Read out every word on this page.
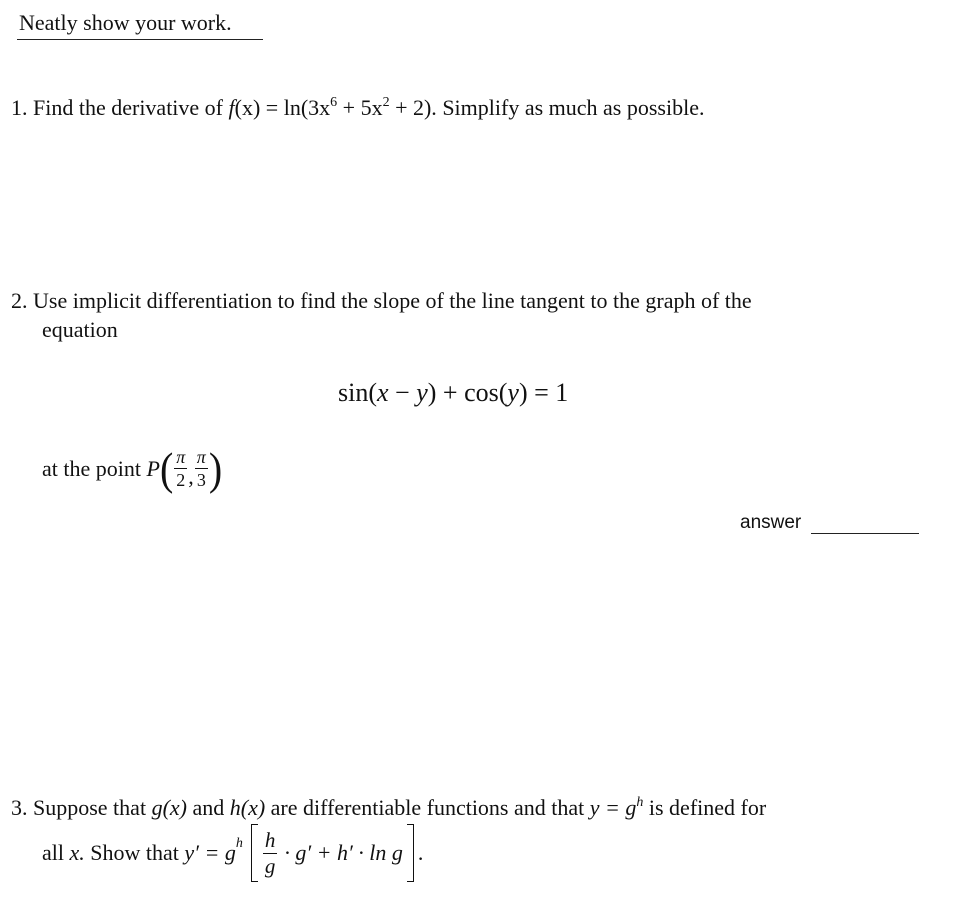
Neatly show your work.
1. Find the derivative of $f(x) = \ln(3x^6 + 5x^2 + 2)$. Simplify as much as possible.
2. Use implicit differentiation to find the slope of the line tangent to the graph of the
equation
sin(x − y) + cos(y) = 1
at the point
P ( $\frac{\pi}{2}$ , $\frac{\pi}{3}$ )
answer
3. Suppose that g(x) and h(x) are differentiable functions and that $y = g^h$ is defined for
all
x.
Show that
y′ = g h $\frac{h}{g} \cdot g' + h' \cdot \ln g$ .
